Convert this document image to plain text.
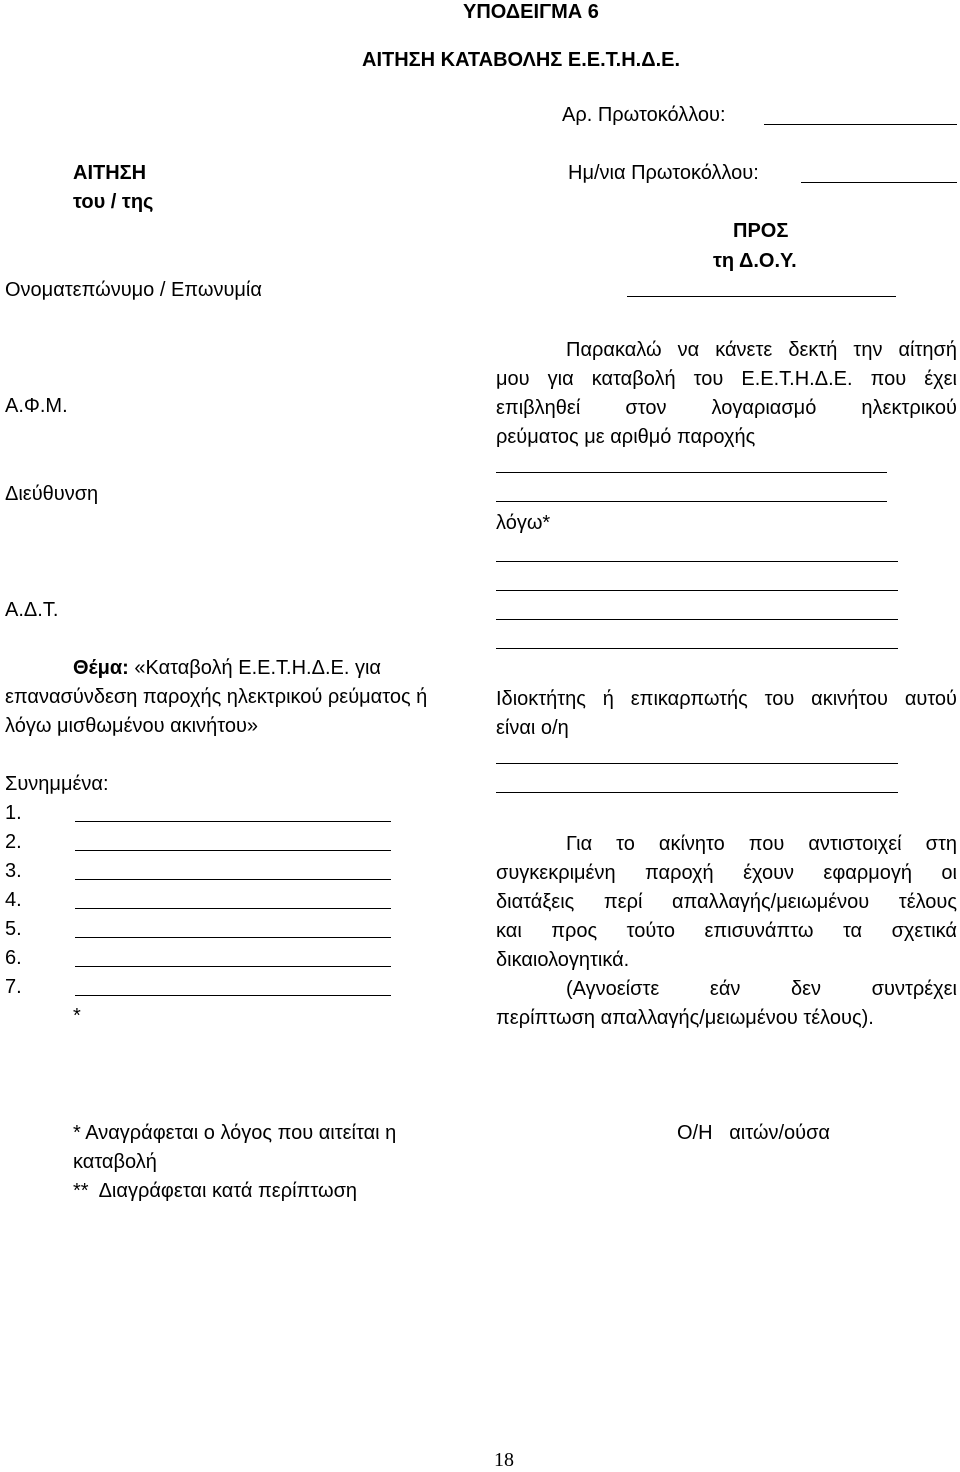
ΥΠΟΔΕΙΓΜΑ 6
ΑΙΤΗΣΗ ΚΑΤΑΒΟΛΗΣ Ε.Ε.Τ.Η.Δ.Ε.
Αρ. Πρωτοκόλλου:
Ημ/νια Πρωτοκόλλου:
ΑΙΤΗΣΗ
του / της
Ονοματεπώνυμο / Επωνυμία
Α.Φ.Μ.
Διεύθυνση
Α.Δ.Τ.
Θέμα: «Καταβολή Ε.Ε.Τ.Η.Δ.Ε. για
επανασύνδεση παροχής ηλεκτρικού ρεύματος ή
λόγω μισθωμένου ακινήτου»
Συνημμένα:
1.
2.
3.
4.
5.
6.
7.
*
ΠΡΟΣ
τη Δ.Ο.Υ.
Παρακαλώ να κάνετε δεκτή την αίτησή
μου για καταβολή του Ε.Ε.Τ.Η.Δ.Ε. που έχει
επιβληθεί στον λογαριασμό ηλεκτρικού
ρεύματος με αριθμό παροχής
λόγω*
Ιδιοκτήτης ή επικαρπωτής του ακινήτου αυτού
είναι ο/η
Για το ακίνητο που αντιστοιχεί στη
συγκεκριμένη παροχή έχουν εφαρμογή οι
διατάξεις περί απαλλαγής/μειωμένου τέλους
και προς τούτο επισυνάπτω τα σχετικά
δικαιολογητικά.
(Αγνοείστε εάν δεν συντρέχει
περίπτωση απαλλαγής/μειωμένου τέλους).
* Αναγράφεται ο λόγος που αιτείται η
καταβολή
**  Διαγράφεται κατά περίπτωση
Ο/Η   αιτών/ούσα
18
